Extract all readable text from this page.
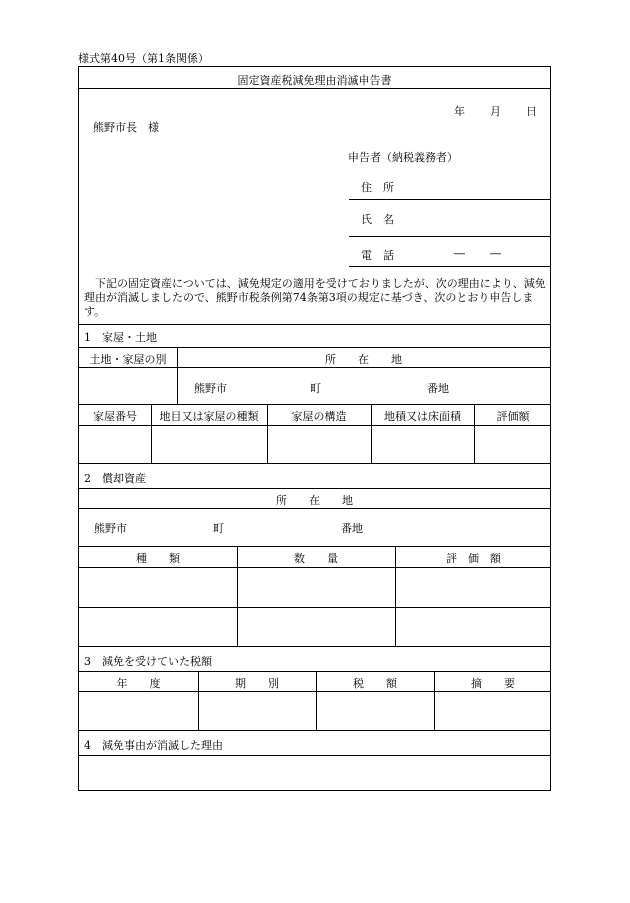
様式第40号（第1条関係）
固定資産税減免理由消滅申告書
年 月 日
熊野市長　様
申告者（納税義務者）
住　所
氏　名
電　話	― ―
　下記の固定資産については、減免規定の適用を受けておりましたが、次の理由により、減免理由が消滅しましたので、熊野市税条例第74条第3項の規定に基づき、次のとおり申告します。
1　家屋・土地
土地・家屋の別	所　　在　　地
熊野市	町	番地
家屋番号	地目又は家屋の種類	家屋の構造	地積又は床面積	評価額
2　償却資産
所　　在　　地
熊野市	町	番地
種　　類	数　　量	評　価　額
3　減免を受けていた税額
年　　度	期　　別	税　　額	摘　　要
4　減免事由が消滅した理由
